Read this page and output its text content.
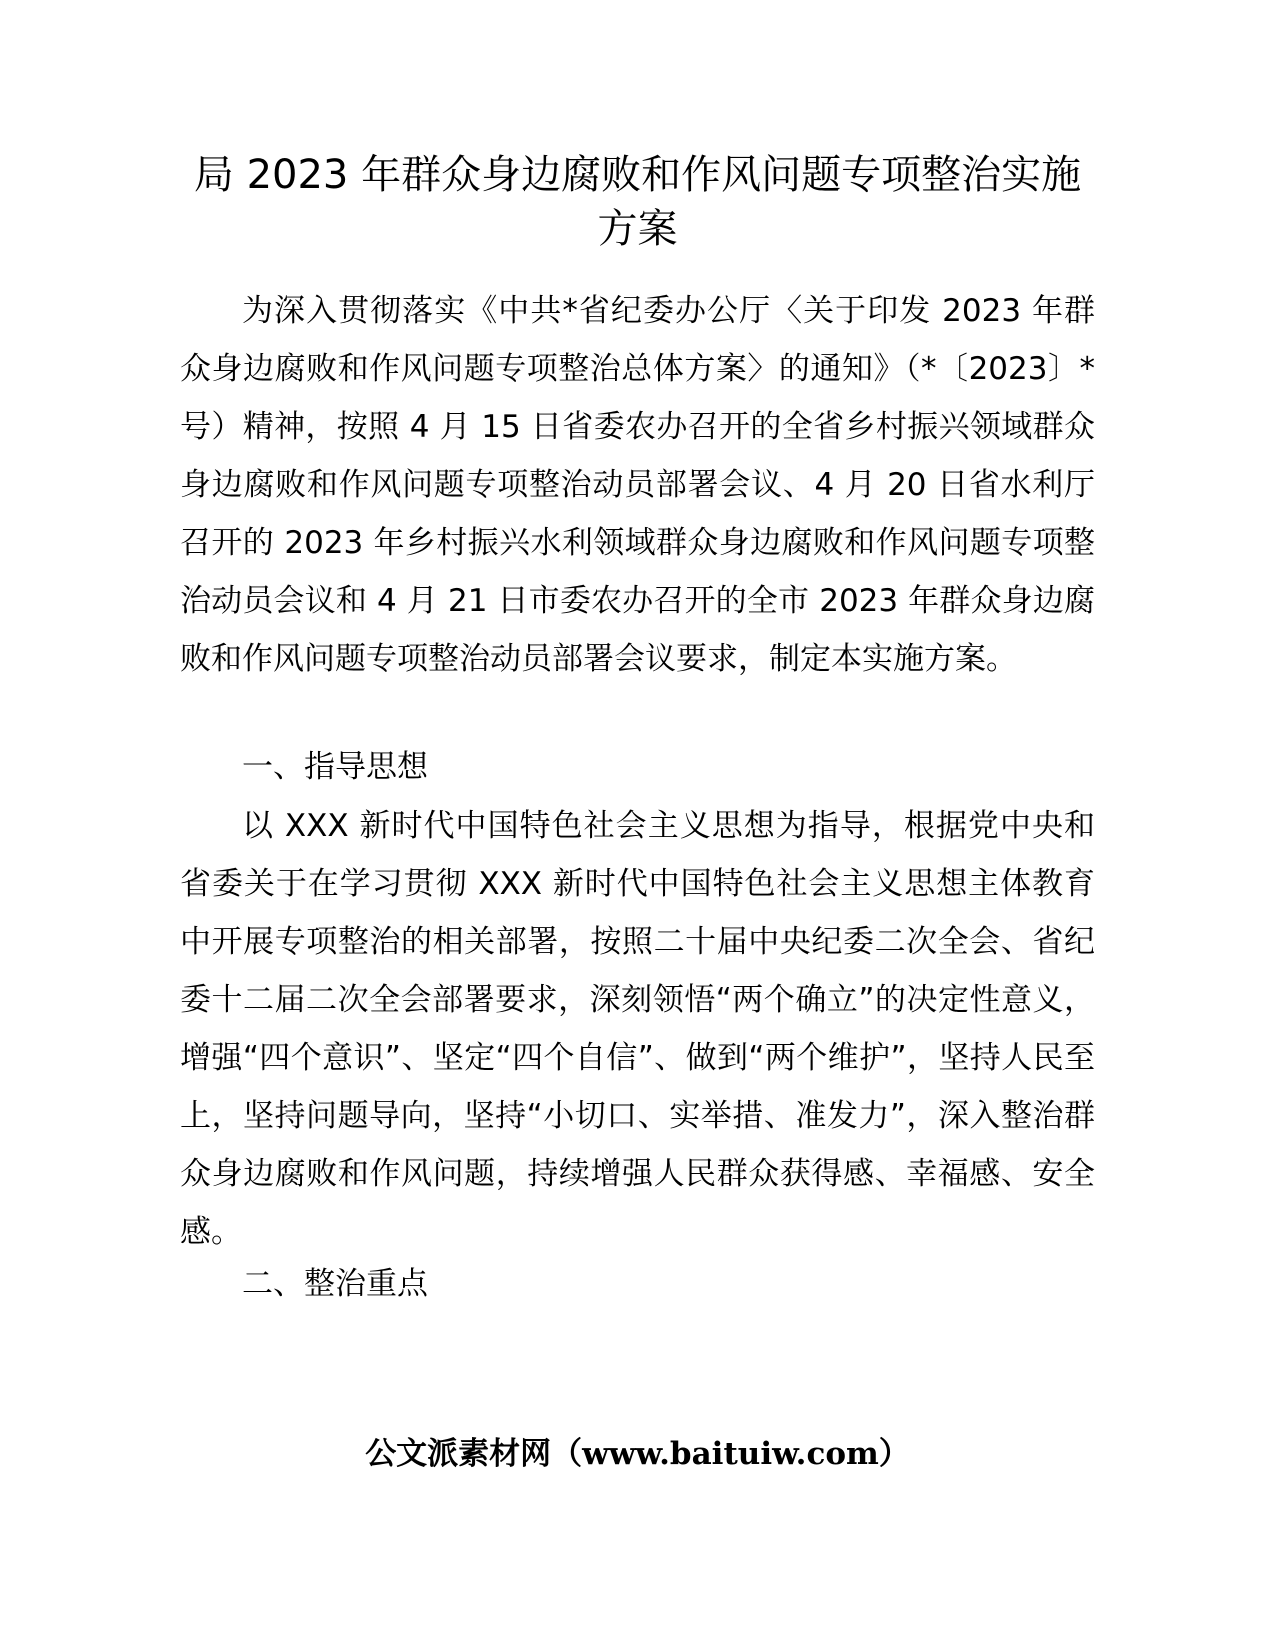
局 2023 年群众身边腐败和作风问题专项整治实施方案
为深入贯彻落实《中共*省纪委办公厅〈关于印发 2023 年群众身边腐败和作风问题专项整治总体方案〉的通知》（*〔2023〕*号）精神，按照 4 月 15 日省委农办召开的全省乡村振兴领域群众身边腐败和作风问题专项整治动员部署会议、4 月 20 日省水利厅召开的 2023 年乡村振兴水利领域群众身边腐败和作风问题专项整治动员会议和 4 月 21 日市委农办召开的全市 2023 年群众身边腐败和作风问题专项整治动员部署会议要求，制定本实施方案。
一、指导思想
以 XXX 新时代中国特色社会主义思想为指导，根据党中央和省委关于在学习贯彻 XXX 新时代中国特色社会主义思想主体教育中开展专项整治的相关部署，按照二十届中央纪委二次全会、省纪委十二届二次全会部署要求，深刻领悟“两个确立”的决定性意义，增强“四个意识”、坚定“四个自信”、做到“两个维护”，坚持人民至上，坚持问题导向，坚持“小切口、实举措、准发力”，深入整治群众身边腐败和作风问题，持续增强人民群众获得感、幸福感、安全感。
二、整治重点
公文派素材网（www.baituiw.com）
